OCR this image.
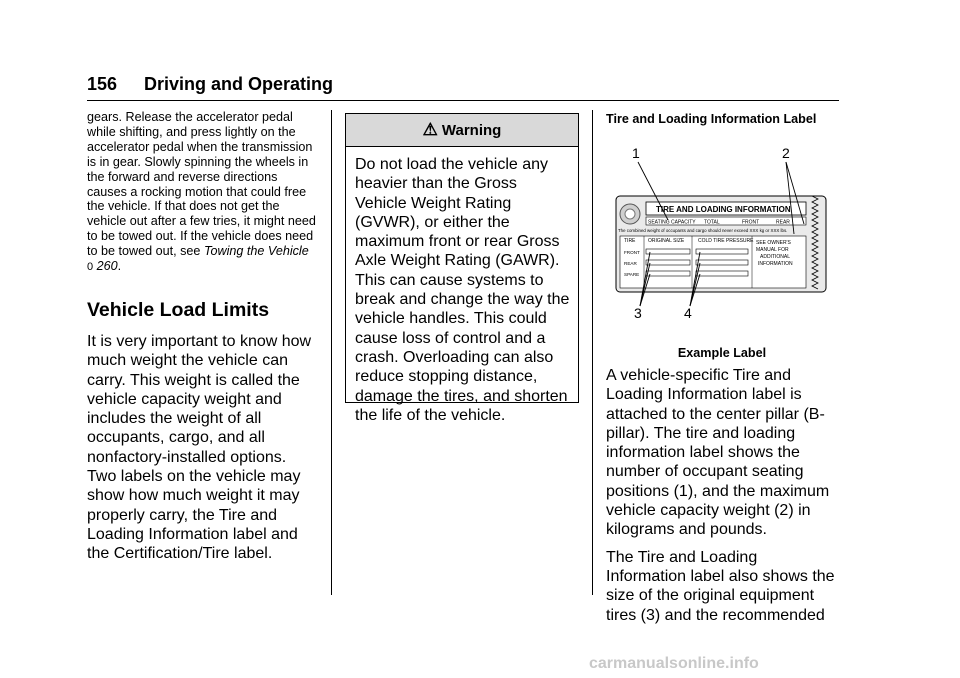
156 Driving and Operating

gears. Release the accelerator pedal while shifting, and press lightly on the accelerator pedal when the transmission is in gear. Slowly spinning the wheels in the forward and reverse directions causes a rocking motion that could free the vehicle. If that does not get the vehicle out after a few tries, it might need to be towed out. If the vehicle does need to be towed out, see Towing the Vehicle 0 260.

Vehicle Load Limits

It is very important to know how much weight the vehicle can carry. This weight is called the vehicle capacity weight and includes the weight of all occupants, cargo, and all nonfactory-installed options. Two labels on the vehicle may show how much weight it may properly carry, the Tire and Loading Information label and the Certification/Tire label.

⚠ Warning
Do not load the vehicle any heavier than the Gross Vehicle Weight Rating (GVWR), or either the maximum front or rear Gross Axle Weight Rating (GAWR). This can cause systems to break and change the way the vehicle handles. This could cause loss of control and a crash. Overloading can also reduce stopping distance, damage the tires, and shorten the life of the vehicle.

Tire and Loading Information Label

1	2
3	4
TIRE AND LOADING INFORMATION
SEATING CAPACITY TOTAL	FRONT	REAR
The combined weight of occupants and cargo should never exceed XXX kg or XXX lbs.
TIRE	ORIGINAL SIZE	COLD TIRE PRESSURE
FRONT
REAR
SPARE
SEE OWNER'S
MANUAL FOR
ADDITIONAL
INFORMATION
Example Label

A vehicle-specific Tire and Loading Information label is attached to the center pillar (B-pillar). The tire and loading information label shows the number of occupant seating positions (1), and the maximum vehicle capacity weight (2) in kilograms and pounds.

The Tire and Loading Information label also shows the size of the original equipment tires (3) and the recommended

carmanualsonline.info
